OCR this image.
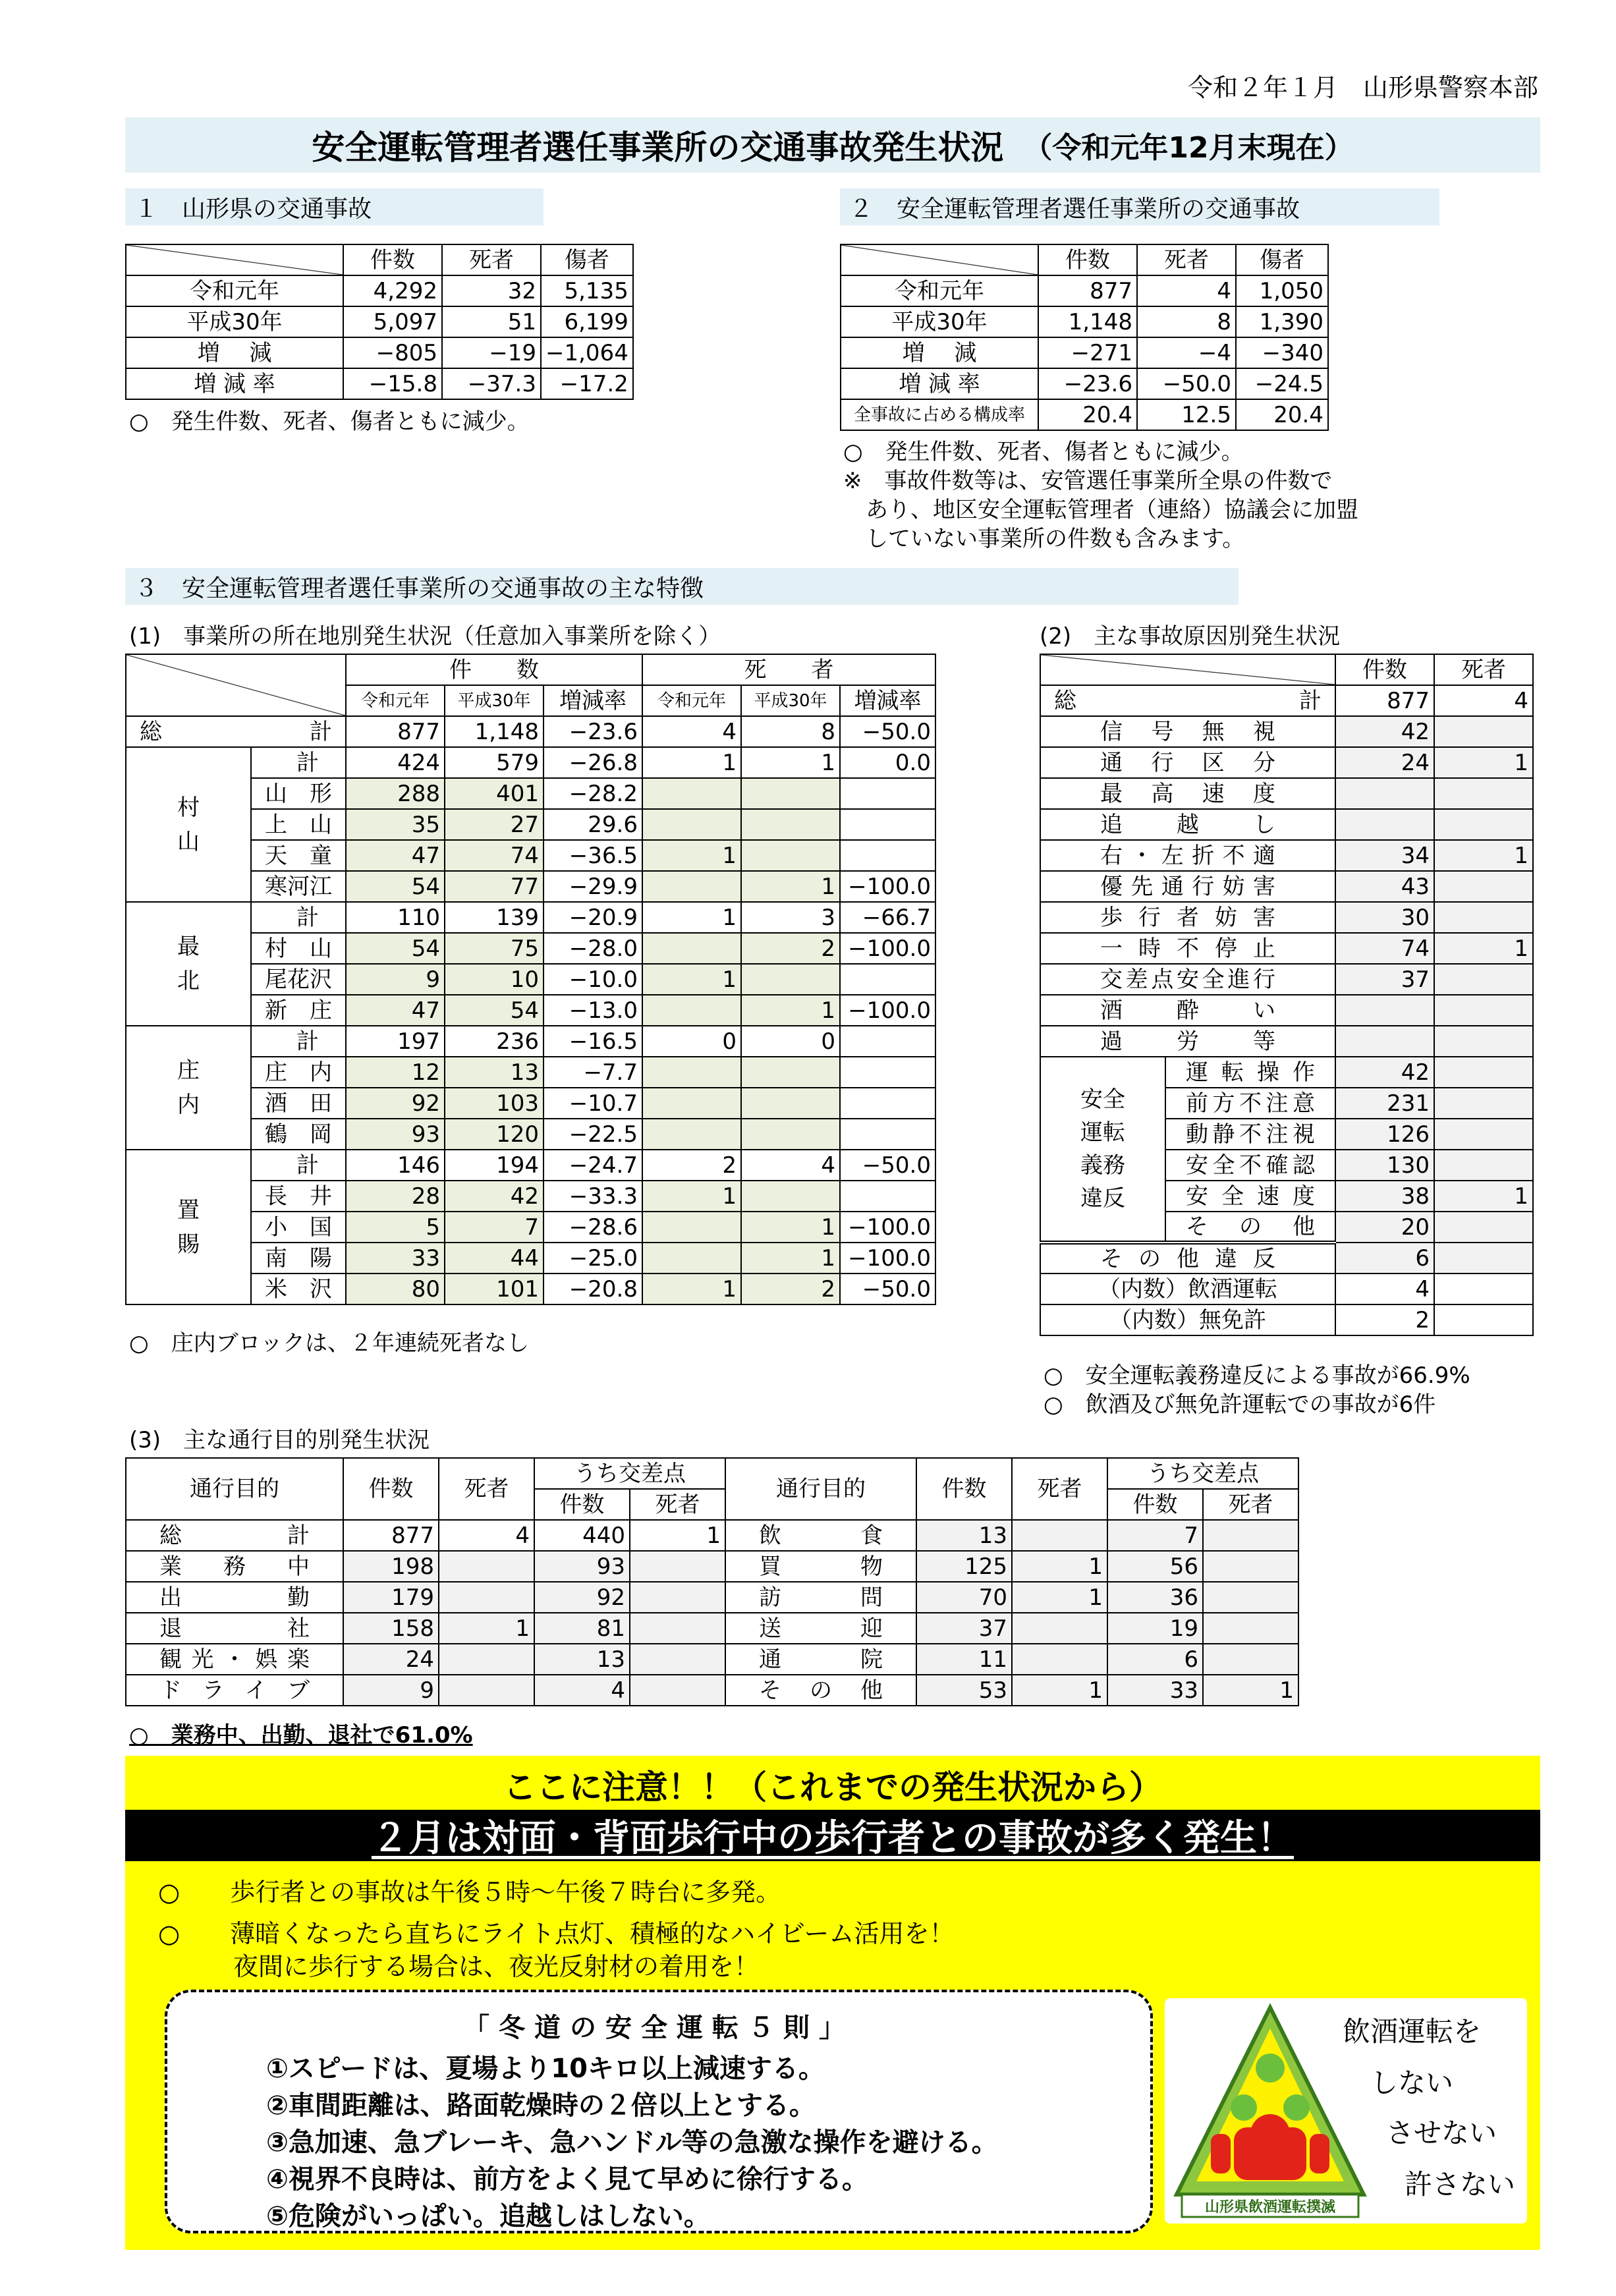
令和２年１月　山形県警察本部
安全運転管理者選任事業所の交通事故発生状況 （令和元年12月末現在）
１　山形県の交通事故
	件数	死者	傷者
令和元年	4,292	32	5,135
平成30年	5,097	51	6,199
増　 減	−805	−19	−1,064
増 減 率	−15.8	−37.3	−17.2
○　発生件数、死者、傷者ともに減少。
２　安全運転管理者選任事業所の交通事故
	件数	死者	傷者
令和元年	877	4	1,050
平成30年	1,148	8	1,390
増　 減	−271	−4	−340
増 減 率	−23.6	−50.0	−24.5
全事故に占める構成率	20.4	12.5	20.4
○　発生件数、死者、傷者ともに減少。
※　事故件数等は、安管選任事業所全県の件数で
　あり、地区安全運転管理者（連絡）協議会に加盟
　していない事業所の件数も含みます。
３　安全運転管理者選任事業所の交通事故の主な特徴
(1)　事業所の所在地別発生状況（任意加入事業所を除く）
		件　　数			死　　者		
		令和元年	平成30年	増減率	令和元年	平成30年	増減率
総　　　計		877	1,148	−23.6	4	8	−50.0

村
山	計	424	579	−26.8	1	1	0.0
	山　形	288	401	−28.2			
	上　山	35	27	29.6			
	天　童	47	74	−36.5	1		
	寒河江	54	77	−29.9		1	−100.0

最
北	計	110	139	−20.9	1	3	−66.7
	村　山	54	75	−28.0		2	−100.0
	尾花沢	9	10	−10.0	1		
	新　庄	47	54	−13.0		1	−100.0

庄
内	計	197	236	−16.5	0	0	
	庄　内	12	13	−7.7			
	酒　田	92	103	−10.7			
	鶴　岡	93	120	−22.5			

置
賜	計	146	194	−24.7	2	4	−50.0
	長　井	28	42	−33.3	1		
	小　国	5	7	−28.6		1	−100.0
	南　陽	33	44	−25.0		1	−100.0
	米　沢	80	101	−20.8	1	2	−50.0
○　庄内ブロックは、２年連続死者なし
(2)　主な事故原因別発生状況
		件数	死者
総　　　計		877	4
信 号 無 視		42	
通 行 区 分		24	1
最 高 速 度			
追　越　し			
右・左折不適		34	1
優先通行妨害		43	
歩 行 者 妨 害		30	
一 時 不 停 止		74	1
交差点安全進行		37	
酒　酔　い			
過　労　等			
安全運転義務違反	運 転 操 作	42	
	前方不注意	231	
	動静不注視	126	
	安全不確認	130	
	安 全 速 度	38	1
	そ　の　他	20	
そ の 他 違 反		6	
（内数）飲酒運転		4	
（内数）無免許		2	
○　安全運転義務違反による事故が66.9%
○　飲酒及び無免許運転での事故が6件
(3)　主な通行目的別発生状況
通行目的	件数	死者	うち交差点		通行目的	件数	死者	うち交差点	
			件数	死者				件数	死者
総　　　計	877	4	440	1	飲　　食	13		7	
業　務　中	198		93		買　　物	125	1	56	
出　　　勤	179		92		訪　　問	70	1	36	
退　　　社	158	1	81		送　　迎	37		19	
観光・娯楽	24		13		通　　院	11		6	
ド ラ イ ブ	9		4		そ の 他	53	1	33	1
○　業務中、出勤、退社で61.0%
ここに注意！！（これまでの発生状況から）
２月は対面・背面歩行中の歩行者との事故が多く発生！
○　　歩行者との事故は午後５時〜午後７時台に多発。
○　　薄暗くなったら直ちにライト点灯、積極的なハイビーム活用を！
　　　夜間に歩行する場合は、夜光反射材の着用を！
「冬道の安全運転５則」
①スピードは、夏場より10キロ以上減速する。
②車間距離は、路面乾燥時の２倍以上とする。
③急加速、急ブレーキ、急ハンドル等の急激な操作を避ける。
④視界不良時は、前方をよく見て早めに徐行する。
⑤危険がいっぱい。追越しはしない。	山形県飲酒運転撲滅
飲酒運転を
しない
させない
許さない
